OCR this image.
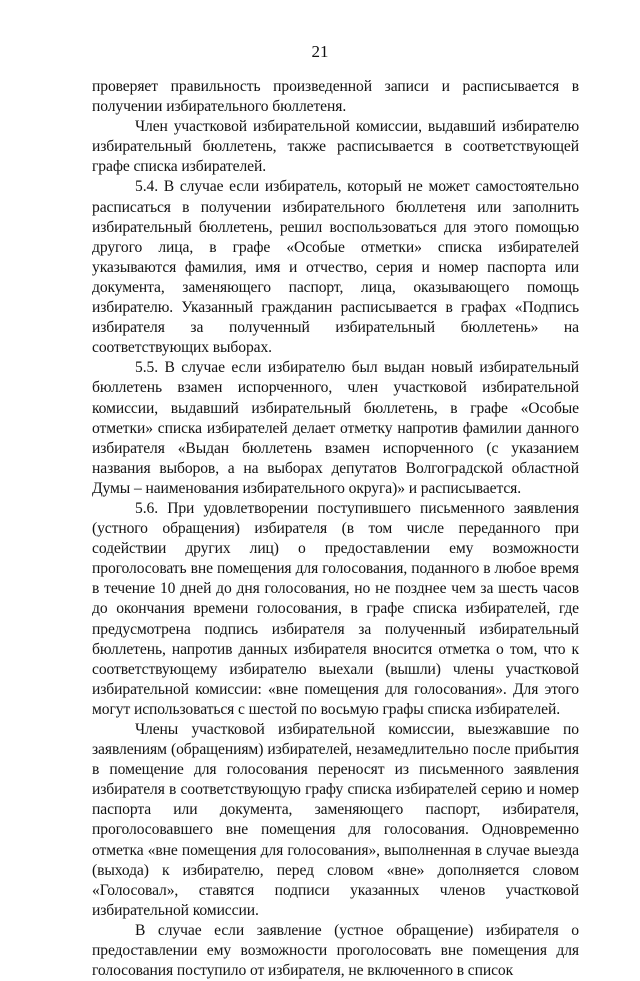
21

проверяет правильность произведенной записи и расписывается в получении избирательного бюллетеня.

Член участковой избирательной комиссии, выдавший избирателю избирательный бюллетень, также расписывается в соответствующей графе списка избирателей.

5.4. В случае если избиратель, который не может самостоятельно расписаться в получении избирательного бюллетеня или заполнить избирательный бюллетень, решил воспользоваться для этого помощью другого лица, в графе «Особые отметки» списка избирателей указываются фамилия, имя и отчество, серия и номер паспорта или документа, заменяющего паспорт, лица, оказывающего помощь избирателю. Указанный гражданин расписывается в графах «Подпись избирателя за полученный избирательный бюллетень» на соответствующих выборах.

5.5. В случае если избирателю был выдан новый избирательный бюллетень взамен испорченного, член участковой избирательной комиссии, выдавший избирательный бюллетень, в графе «Особые отметки» списка избирателей делает отметку напротив фамилии данного избирателя «Выдан бюллетень взамен испорченного (с указанием названия выборов, а на выборах депутатов Волгоградской областной Думы – наименования избирательного округа)» и расписывается.

5.6. При удовлетворении поступившего письменного заявления (устного обращения) избирателя (в том числе переданного при содействии других лиц) о предоставлении ему возможности проголосовать вне помещения для голосования, поданного в любое время в течение 10 дней до дня голосования, но не позднее чем за шесть часов до окончания времени голосования, в графе списка избирателей, где предусмотрена подпись избирателя за полученный избирательный бюллетень, напротив данных избирателя вносится отметка о том, что к соответствующему избирателю выехали (вышли) члены участковой избирательной комиссии: «вне помещения для голосования». Для этого могут использоваться с шестой по восьмую графы списка избирателей.

Члены участковой избирательной комиссии, выезжавшие по заявлениям (обращениям) избирателей, незамедлительно после прибытия в помещение для голосования переносят из письменного заявления избирателя в соответствующую графу списка избирателей серию и номер паспорта или документа, заменяющего паспорт, избирателя, проголосовавшего вне помещения для голосования. Одновременно отметка «вне помещения для голосования», выполненная в случае выезда (выхода) к избирателю, перед словом «вне» дополняется словом «Голосовал», ставятся подписи указанных членов участковой избирательной комиссии.

В случае если заявление (устное обращение) избирателя о предоставлении ему возможности проголосовать вне помещения для голосования поступило от избирателя, не включенного в список
